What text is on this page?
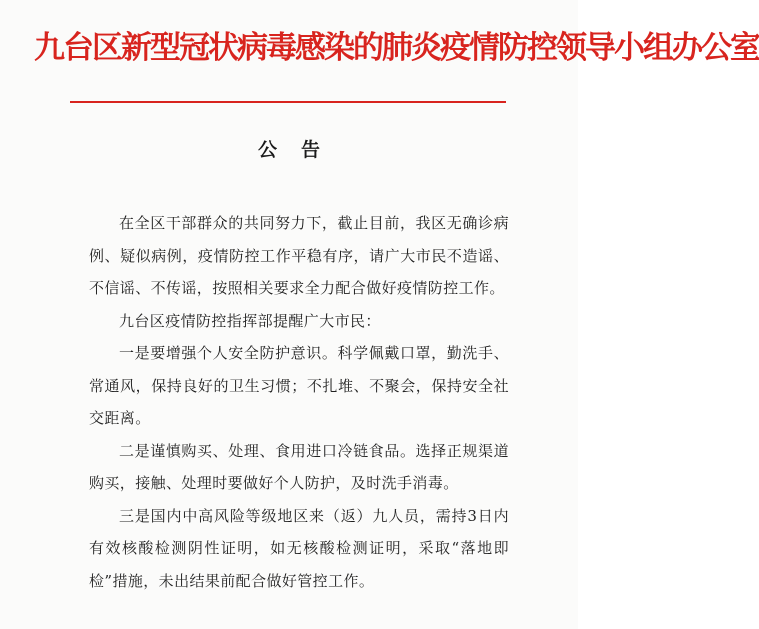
九台区新型冠状病毒感染的肺炎疫情防控领导小组办公室
公告

在全区干部群众的共同努力下，截止目前，我区无确诊病例、疑似病例，疫情防控工作平稳有序，请广大市民不造谣、不信谣、不传谣，按照相关要求全力配合做好疫情防控工作。

九台区疫情防控指挥部提醒广大市民：

一是要增强个人安全防护意识。科学佩戴口罩，勤洗手、常通风，保持良好的卫生习惯；不扎堆、不聚会，保持安全社交距离。

二是谨慎购买、处理、食用进口冷链食品。选择正规渠道购买，接触、处理时要做好个人防护，及时洗手消毒。

三是国内中高风险等级地区来（返）九人员，需持3日内有效核酸检测阴性证明，如无核酸检测证明，采取“落地即检”措施，未出结果前配合做好管控工作。
